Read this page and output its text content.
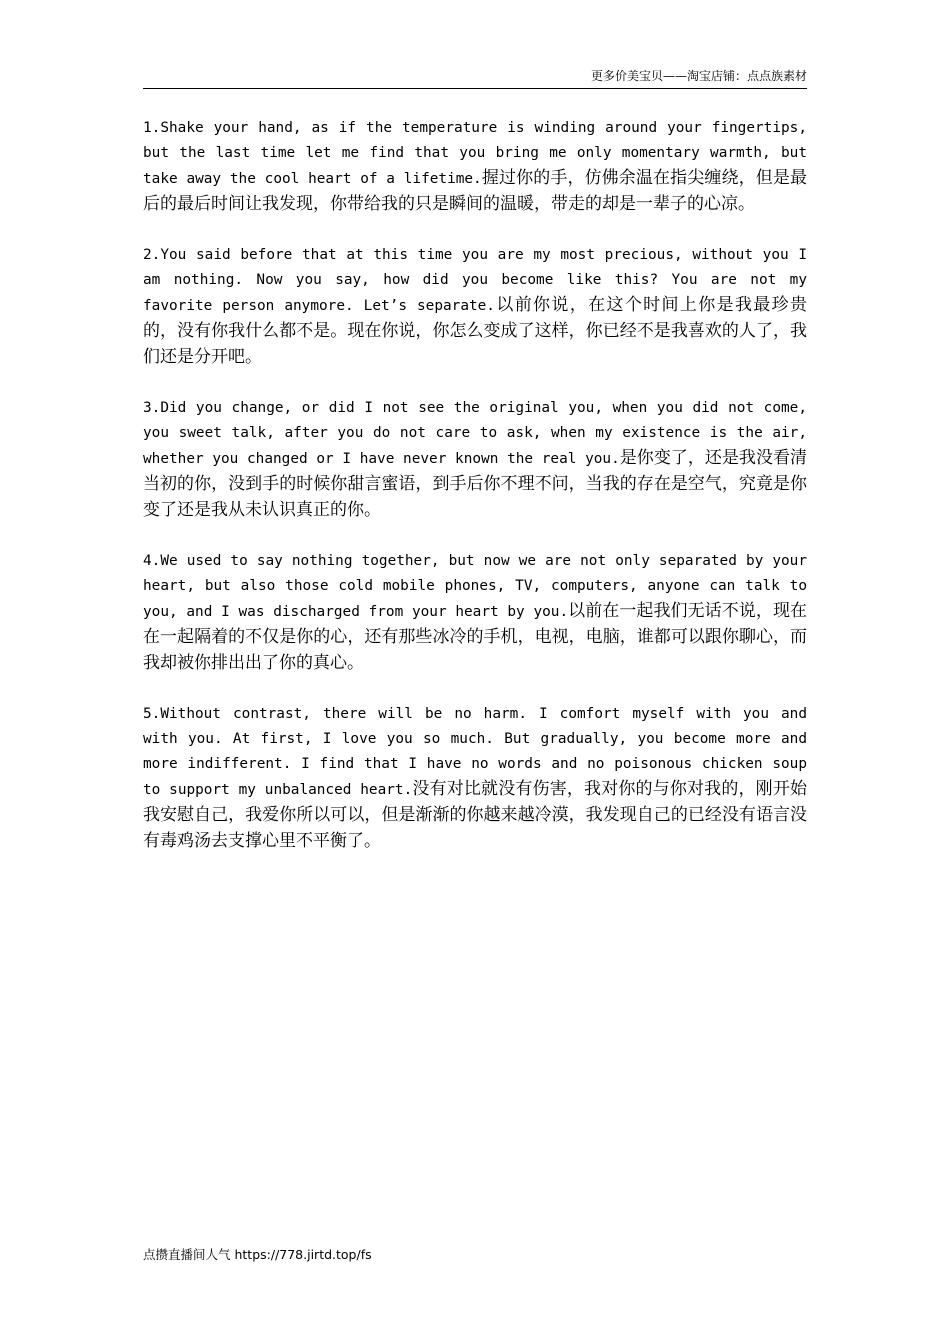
更多价美宝贝——淘宝店铺：点点族素材

1.Shake your hand, as if the temperature is winding around your fingertips, but the last time let me find that you bring me only momentary warmth, but take away the cool heart of a lifetime.握过你的手，仿佛余温在指尖缠绕，但是最后的最后时间让我发现，你带给我的只是瞬间的温暖，带走的却是一辈子的心凉。

2.You said before that at this time you are my most precious, without you I am nothing. Now you say, how did you become like this? You are not my favorite person anymore. Let’s separate.以前你说，在这个时间上你是我最珍贵的，没有你我什么都不是。现在你说，你怎么变成了这样，你已经不是我喜欢的人了，我们还是分开吧。

3.Did you change, or did I not see the original you, when you did not come, you sweet talk, after you do not care to ask, when my existence is the air, whether you changed or I have never known the real you.是你变了，还是我没看清当初的你，没到手的时候你甜言蜜语，到手后你不理不问，当我的存在是空气，究竟是你变了还是我从未认识真正的你。

4.We used to say nothing together, but now we are not only separated by your heart, but also those cold mobile phones, TV, computers, anyone can talk to you, and I was discharged from your heart by you.以前在一起我们无话不说，现在在一起隔着的不仅是你的心，还有那些冰冷的手机，电视，电脑，谁都可以跟你聊心，而我却被你排出出了你的真心。

5.Without contrast, there will be no harm. I comfort myself with you and with you. At first, I love you so much. But gradually, you become more and more indifferent. I find that I have no words and no poisonous chicken soup to support my unbalanced heart.没有对比就没有伤害，我对你的与你对我的，刚开始我安慰自己，我爱你所以可以，但是渐渐的你越来越冷漠，我发现自己的已经没有语言没有毒鸡汤去支撑心里不平衡了。

点攒直播间人气 https://778.jirtd.top/fs
